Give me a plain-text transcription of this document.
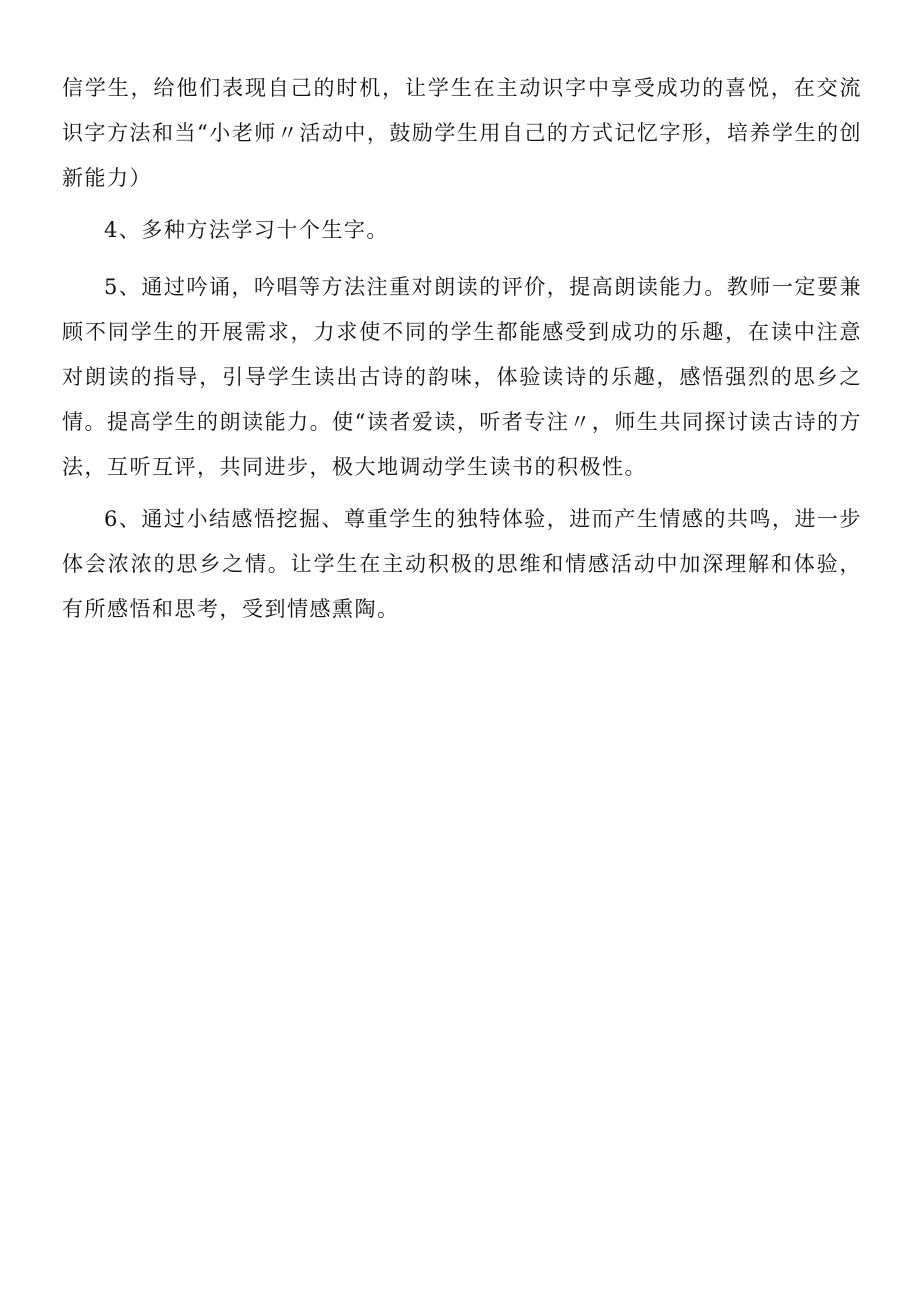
信学生，给他们表现自己的时机，让学生在主动识字中享受成功的喜悦，在交流识字方法和当“小老师〃活动中，鼓励学生用自己的方式记忆字形，培养学生的创新能力）

4、多种方法学习十个生字。

5、通过吟诵，吟唱等方法注重对朗读的评价，提高朗读能力。教师一定要兼顾不同学生的开展需求，力求使不同的学生都能感受到成功的乐趣，在读中注意对朗读的指导，引导学生读出古诗的韵味，体验读诗的乐趣，感悟强烈的思乡之情。提高学生的朗读能力。使“读者爱读，听者专注〃，师生共同探讨读古诗的方法，互听互评，共同进步，极大地调动学生读书的积极性。

6、通过小结感悟挖掘、尊重学生的独特体验，进而产生情感的共鸣，进一步体会浓浓的思乡之情。让学生在主动积极的思维和情感活动中加深理解和体验，有所感悟和思考，受到情感熏陶。
